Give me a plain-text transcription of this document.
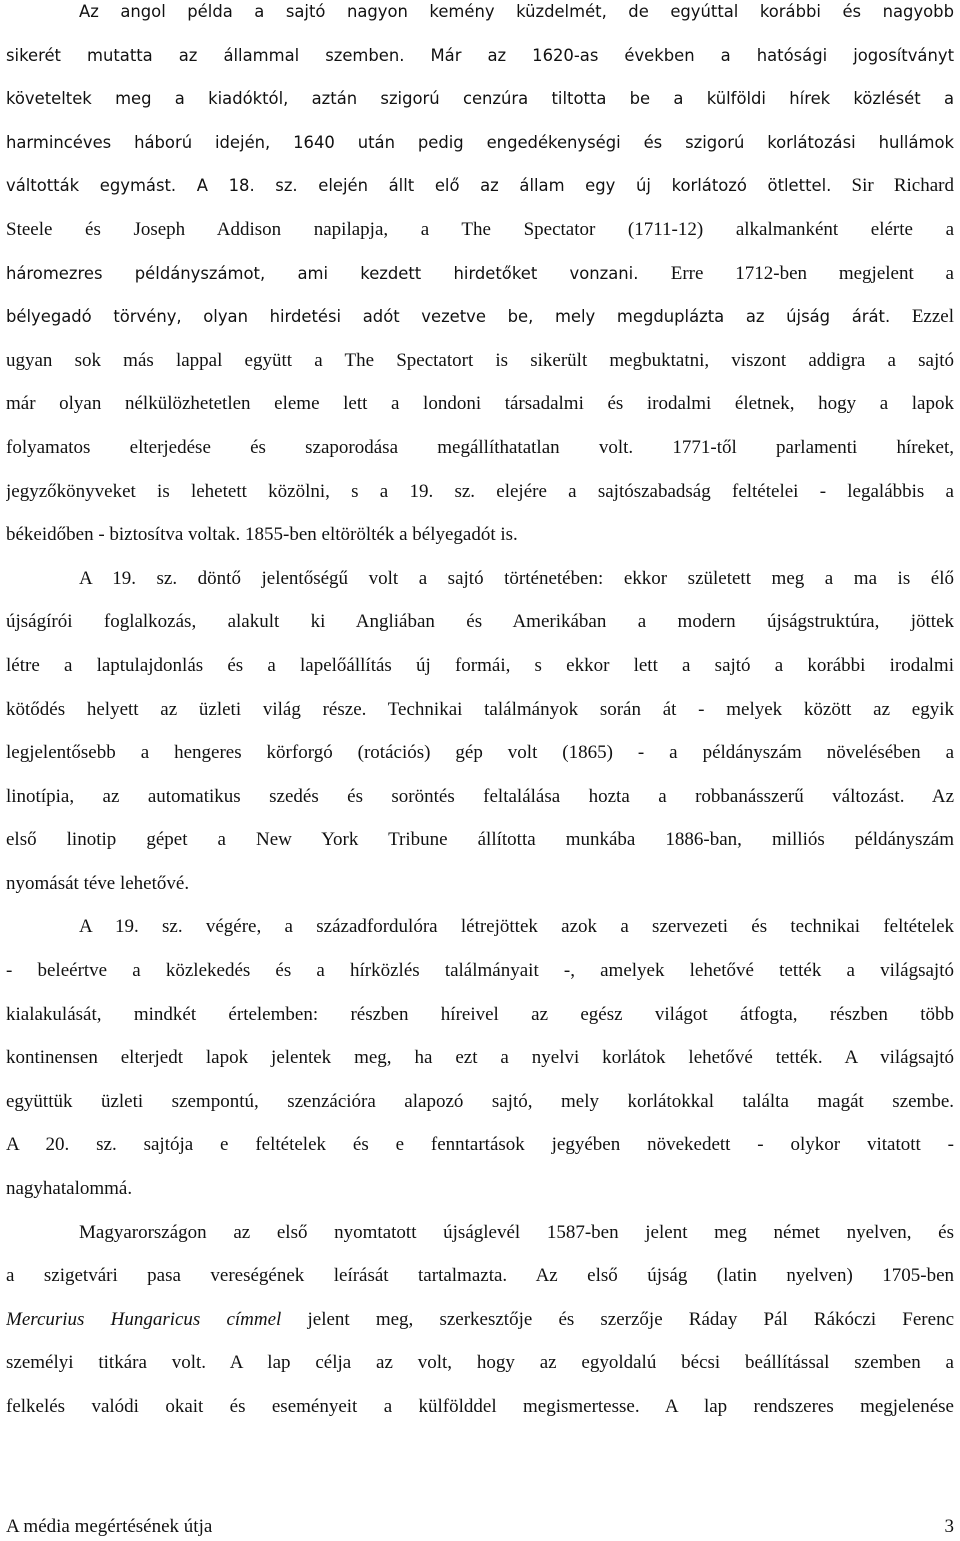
Az angol példa a sajtó nagyon kemény küzdelmét, de egyúttal korábbi és nagyobb
sikerét mutatta az állammal szemben. Már az 1620-as években a hatósági jogosítványt
követeltek meg a kiadóktól, aztán szigorú cenzúra tiltotta be a külföldi hírek közlését a
harmincéves háború idején, 1640 után pedig engedékenységi és szigorú korlátozási hullámok
váltották egymást. A 18. sz. elején állt elő az állam egy új korlátozó ötlettel. Sir Richard
Steele és Joseph Addison napilapja, a The Spectator (1711-12) alkalmanként elérte a
háromezres példányszámot, ami kezdett hirdetőket vonzani. Erre 1712-ben megjelent a
bélyegadó törvény, olyan hirdetési adót vezetve be, mely megduplázta az újság árát. Ezzel
ugyan sok más lappal együtt a The Spectatort is sikerült megbuktatni, viszont addigra a sajtó
már olyan nélkülözhetetlen eleme lett a londoni társadalmi és irodalmi életnek, hogy a lapok
folyamatos elterjedése és szaporodása megállíthatatlan volt. 1771-től parlamenti híreket,
jegyzőkönyveket is lehetett közölni, s a 19. sz. elejére a sajtószabadság feltételei - legalábbis a
békeidőben - biztosítva voltak. 1855-ben eltörölték a bélyegadót is.
A 19. sz. döntő jelentőségű volt a sajtó történetében: ekkor született meg a ma is élő
újságírói foglalkozás, alakult ki Angliában és Amerikában a modern újságstruktúra, jöttek
létre a laptulajdonlás és a lapelőállítás új formái, s ekkor lett a sajtó a korábbi irodalmi
kötődés helyett az üzleti világ része. Technikai találmányok során át - melyek között az egyik
legjelentősebb a hengeres körforgó (rotációs) gép volt (1865) - a példányszám növelésében a
linotípia, az automatikus szedés és soröntés feltalálása hozta a robbanásszerű változást. Az
első linotip gépet a New York Tribune állította munkába 1886-ban, milliós példányszám
nyomását téve lehetővé.
A 19. sz. végére, a századfordulóra létrejöttek azok a szervezeti és technikai feltételek
- beleértve a közlekedés és a hírközlés találmányait -, amelyek lehetővé tették a világsajtó
kialakulását, mindkét értelemben: részben híreivel az egész világot átfogta, részben több
kontinensen elterjedt lapok jelentek meg, ha ezt a nyelvi korlátok lehetővé tették. A világsajtó
együttük üzleti szempontú, szenzációra alapozó sajtó, mely korlátokkal találta magát szembe.
A 20. sz. sajtója e feltételek és e fenntartások jegyében növekedett - olykor vitatott -
nagyhatalommá.
Magyarországon az első nyomtatott újságlevél 1587-ben jelent meg német nyelven, és
a szigetvári pasa vereségének leírását tartalmazta. Az első újság (latin nyelven) 1705-ben
Mercurius Hungaricus címmel jelent meg, szerkesztője és szerzője Ráday Pál Rákóczi Ferenc
személyi titkára volt. A lap célja az volt, hogy az egyoldalú bécsi beállítással szemben a
felkelés valódi okait és eseményeit a külfölddel megismertesse. A lap rendszeres megjelenése
A média megértésének útja	3
